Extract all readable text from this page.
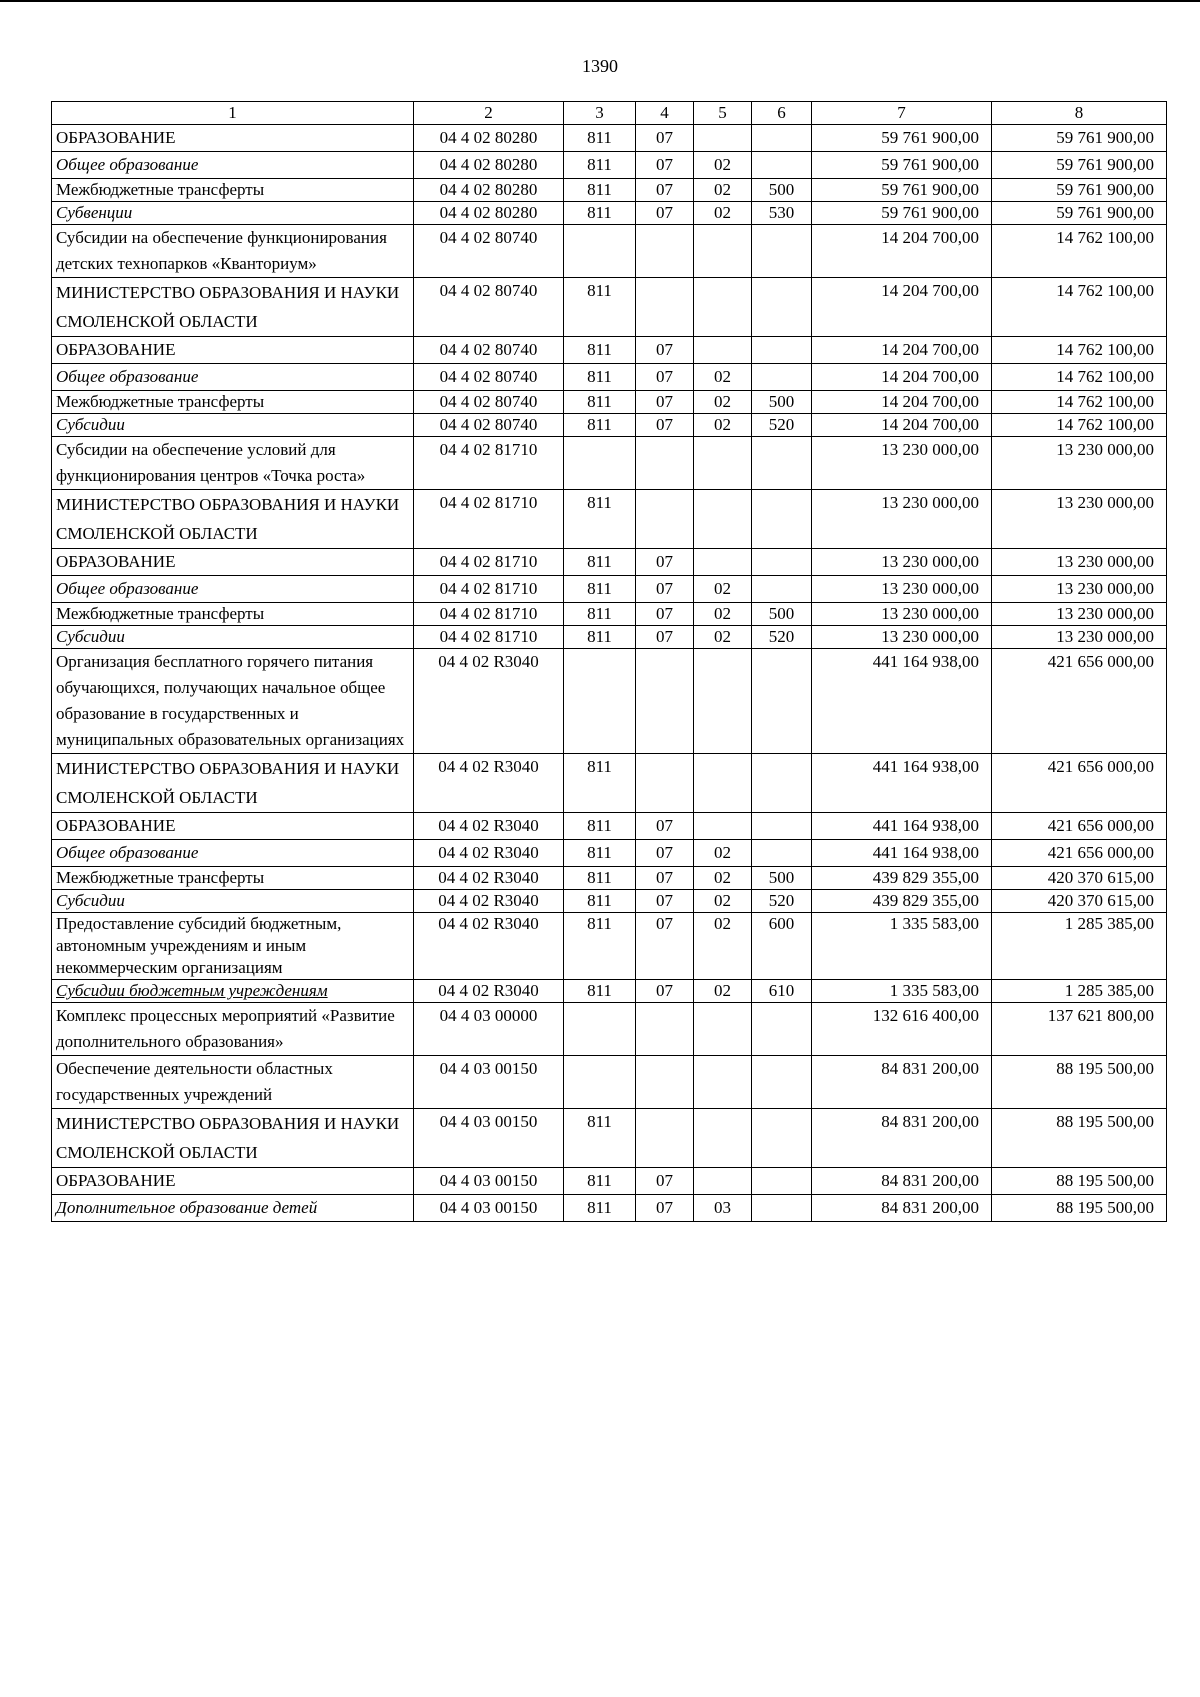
1390
1	2	3	4	5	6	7	8
ОБРАЗОВАНИЕ	04 4 02 80280	811	07			59 761 900,00	59 761 900,00
Общее образование	04 4 02 80280	811	07	02		59 761 900,00	59 761 900,00
Межбюджетные трансферты	04 4 02 80280	811	07	02	500	59 761 900,00	59 761 900,00
Субвенции	04 4 02 80280	811	07	02	530	59 761 900,00	59 761 900,00
Субсидии на обеспечение функционирования детских технопарков «Кванториум»	04 4 02 80740					14 204 700,00	14 762 100,00
МИНИСТЕРСТВО ОБРАЗОВАНИЯ И НАУКИ СМОЛЕНСКОЙ ОБЛАСТИ	04 4 02 80740	811				14 204 700,00	14 762 100,00
ОБРАЗОВАНИЕ	04 4 02 80740	811	07			14 204 700,00	14 762 100,00
Общее образование	04 4 02 80740	811	07	02		14 204 700,00	14 762 100,00
Межбюджетные трансферты	04 4 02 80740	811	07	02	500	14 204 700,00	14 762 100,00
Субсидии	04 4 02 80740	811	07	02	520	14 204 700,00	14 762 100,00
Субсидии на обеспечение условий для функционирования центров «Точка роста»	04 4 02 81710					13 230 000,00	13 230 000,00
МИНИСТЕРСТВО ОБРАЗОВАНИЯ И НАУКИ СМОЛЕНСКОЙ ОБЛАСТИ	04 4 02 81710	811				13 230 000,00	13 230 000,00
ОБРАЗОВАНИЕ	04 4 02 81710	811	07			13 230 000,00	13 230 000,00
Общее образование	04 4 02 81710	811	07	02		13 230 000,00	13 230 000,00
Межбюджетные трансферты	04 4 02 81710	811	07	02	500	13 230 000,00	13 230 000,00
Субсидии	04 4 02 81710	811	07	02	520	13 230 000,00	13 230 000,00
Организация бесплатного горячего питания обучающихся, получающих начальное общее образование в государственных и муниципальных образовательных организациях	04 4 02 R3040					441 164 938,00	421 656 000,00
МИНИСТЕРСТВО ОБРАЗОВАНИЯ И НАУКИ СМОЛЕНСКОЙ ОБЛАСТИ	04 4 02 R3040	811				441 164 938,00	421 656 000,00
ОБРАЗОВАНИЕ	04 4 02 R3040	811	07			441 164 938,00	421 656 000,00
Общее образование	04 4 02 R3040	811	07	02		441 164 938,00	421 656 000,00
Межбюджетные трансферты	04 4 02 R3040	811	07	02	500	439 829 355,00	420 370 615,00
Субсидии	04 4 02 R3040	811	07	02	520	439 829 355,00	420 370 615,00
Предоставление субсидий бюджетным, автономным учреждениям и иным некоммерческим организациям	04 4 02 R3040	811	07	02	600	1 335 583,00	1 285 385,00
Субсидии бюджетным учреждениям	04 4 02 R3040	811	07	02	610	1 335 583,00	1 285 385,00
Комплекс процессных мероприятий «Развитие дополнительного образования»	04 4 03 00000					132 616 400,00	137 621 800,00
Обеспечение деятельности областных государственных учреждений	04 4 03 00150					84 831 200,00	88 195 500,00
МИНИСТЕРСТВО ОБРАЗОВАНИЯ И НАУКИ СМОЛЕНСКОЙ ОБЛАСТИ	04 4 03 00150	811				84 831 200,00	88 195 500,00
ОБРАЗОВАНИЕ	04 4 03 00150	811	07			84 831 200,00	88 195 500,00
Дополнительное образование детей	04 4 03 00150	811	07	03		84 831 200,00	88 195 500,00
